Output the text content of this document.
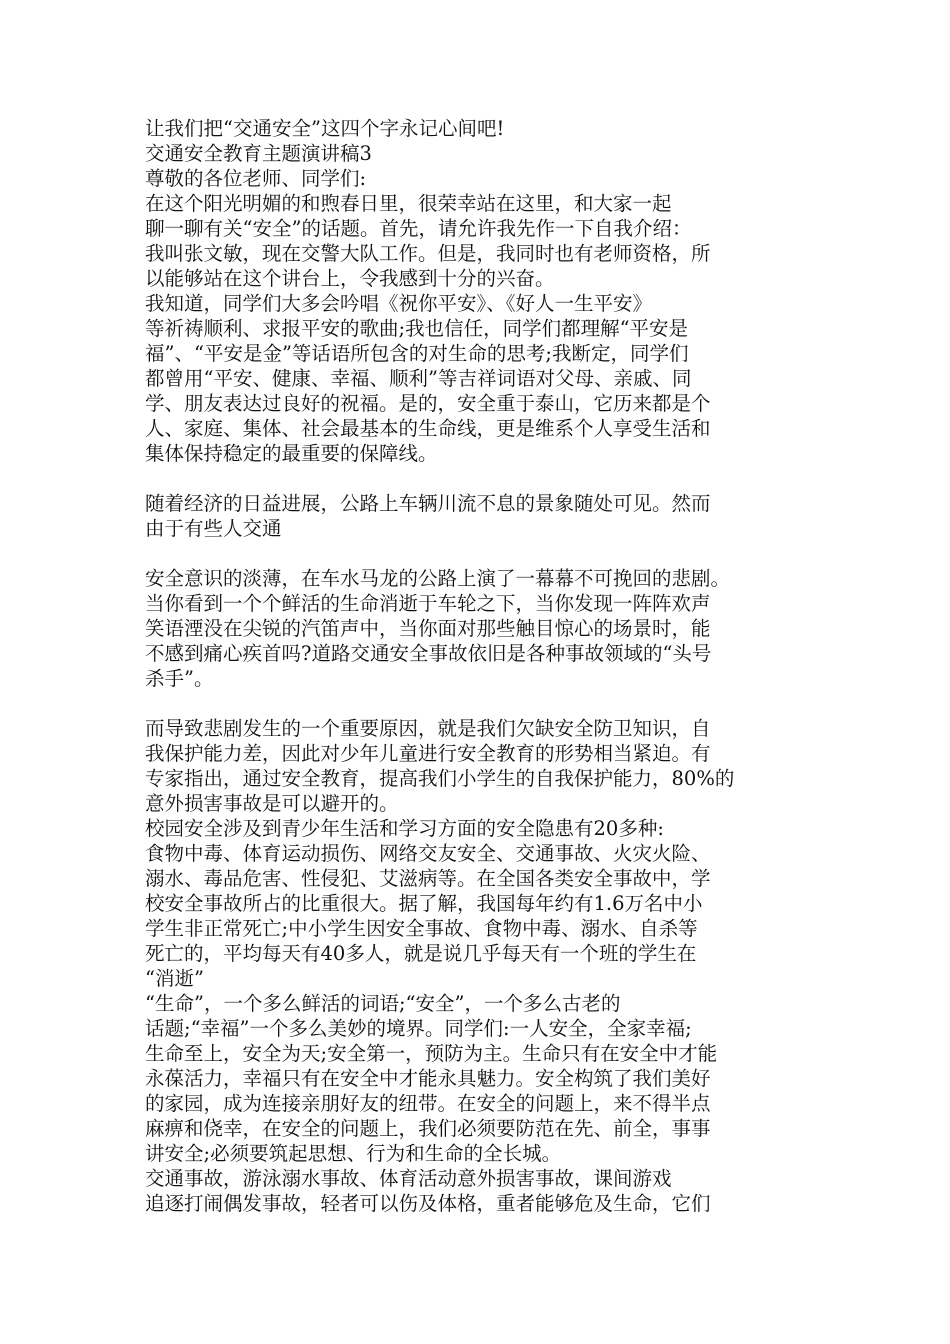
让我们把“交通安全”这四个字永记心间吧!
交通安全教育主题演讲稿3
尊敬的各位老师、同学们:
在这个阳光明媚的和煦春日里，很荣幸站在这里，和大家一起
聊一聊有关“安全”的话题。首先，请允许我先作一下自我介绍：
我叫张文敏，现在交警大队工作。但是，我同时也有老师资格，所
以能够站在这个讲台上，令我感到十分的兴奋。
我知道，同学们大多会吟唱《祝你平安》、《好人一生平安》
等祈祷顺利、求报平安的歌曲;我也信任，同学们都理解“平安是
福”、“平安是金”等话语所包含的对生命的思考;我断定，同学们
都曾用“平安、健康、幸福、顺利”等吉祥词语对父母、亲戚、同
学、朋友表达过良好的祝福。是的，安全重于泰山，它历来都是个
人、家庭、集体、社会最基本的生命线，更是维系个人享受生活和
集体保持稳定的最重要的保障线。
随着经济的日益进展，公路上车辆川流不息的景象随处可见。然而
由于有些人交通
安全意识的淡薄，在车水马龙的公路上演了一幕幕不可挽回的悲剧。
当你看到一个个鲜活的生命消逝于车轮之下，当你发现一阵阵欢声
笑语湮没在尖锐的汽笛声中，当你面对那些触目惊心的场景时，能
不感到痛心疾首吗?道路交通安全事故依旧是各种事故领域的“头号
杀手”。
而导致悲剧发生的一个重要原因，就是我们欠缺安全防卫知识，自
我保护能力差，因此对少年儿童进行安全教育的形势相当紧迫。有
专家指出，通过安全教育，提高我们小学生的自我保护能力，80%的
意外损害事故是可以避开的。
校园安全涉及到青少年生活和学习方面的安全隐患有20多种:
食物中毒、体育运动损伤、网络交友安全、交通事故、火灾火险、
溺水、毒品危害、性侵犯、艾滋病等。在全国各类安全事故中，学
校安全事故所占的比重很大。据了解，我国每年约有1.6万名中小
学生非正常死亡;中小学生因安全事故、食物中毒、溺水、自杀等
死亡的，平均每天有40多人，就是说几乎每天有一个班的学生在
“消逝”
“生命”，一个多么鲜活的词语;“安全”，一个多么古老的
话题;“幸福”一个多么美妙的境界。同学们:一人安全，全家幸福;
生命至上，安全为天;安全第一，预防为主。生命只有在安全中才能
永葆活力，幸福只有在安全中才能永具魅力。安全构筑了我们美好
的家园，成为连接亲朋好友的纽带。在安全的问题上，来不得半点
麻痹和侥幸，在安全的问题上，我们必须要防范在先、前全，事事
讲安全;必须要筑起思想、行为和生命的全长城。
交通事故，游泳溺水事故、体育活动意外损害事故，课间游戏
追逐打闹偶发事故，轻者可以伤及体格，重者能够危及生命，它们
